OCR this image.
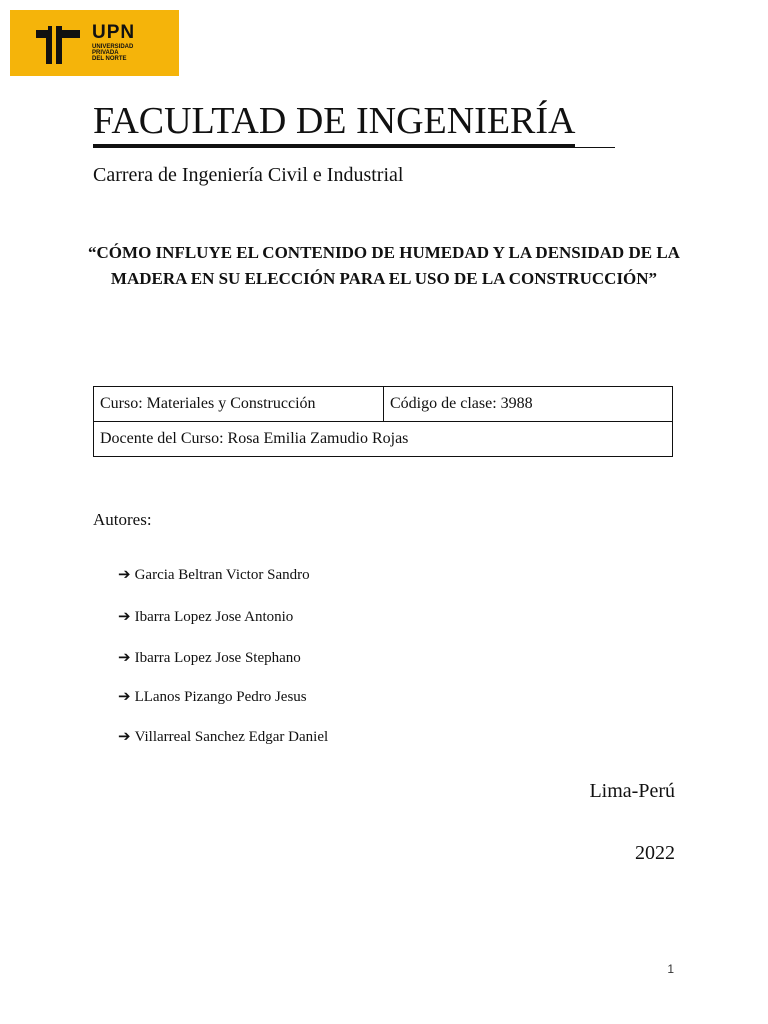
UPN
UNIVERSIDAD
PRIVADA
DEL NORTE
FACULTAD DE INGENIERÍA
Carrera de Ingeniería Civil e Industrial
“CÓMO INFLUYE EL CONTENIDO DE HUMEDAD Y LA DENSIDAD DE LA MADERA EN SU ELECCIÓN PARA EL USO DE LA CONSTRUCCIÓN”
Curso: Materiales y Construcción	Código de clase: 3988
Docente del Curso: Rosa Emilia Zamudio Rojas
Autores:
➔ Garcia Beltran Victor Sandro
➔ Ibarra Lopez Jose Antonio
➔ Ibarra Lopez Jose Stephano
➔ LLanos Pizango Pedro Jesus
➔ Villarreal Sanchez Edgar Daniel
Lima-Perú
2022
1
